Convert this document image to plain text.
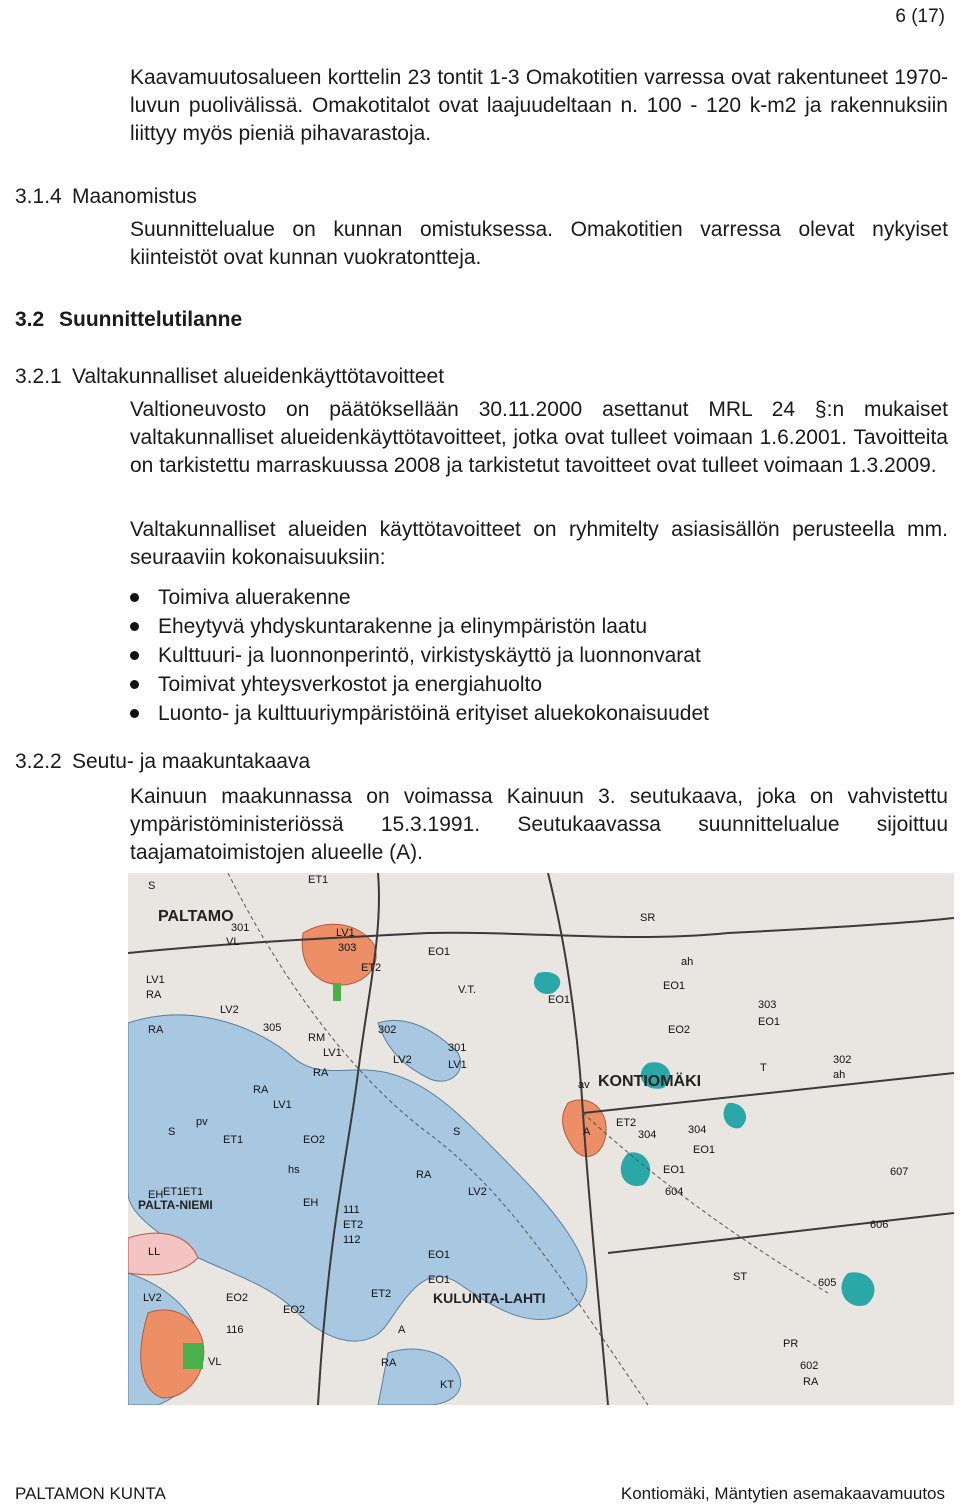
6 (17)

Kaavamuutosalueen korttelin 23 tontit 1-3 Omakotitien varressa ovat rakentuneet 1970-luvun puolivälissä. Omakotitalot ovat laajuudeltaan n. 100 - 120 k-m2 ja rakennuksiin liittyy myös pieniä pihavarastoja.

3.1.4 Maanomistus

Suunnittelualue on kunnan omistuksessa. Omakotitien varressa olevat nykyiset kiinteistöt ovat kunnan vuokratontteja.

3.2 Suunnittelutilanne
3.2.1 Valtakunnalliset alueidenkäyttötavoitteet

Valtioneuvosto on päätöksellään 30.11.2000 asettanut MRL 24 §:n mukaiset valtakunnalliset alueidenkäyttötavoitteet, jotka ovat tulleet voimaan 1.6.2001. Tavoitteita on tarkistettu marraskuussa 2008 ja tarkistetut tavoitteet ovat tulleet voimaan 1.3.2009.

Valtakunnalliset alueiden käyttötavoitteet on ryhmitelty asiasisällön perusteella mm. seuraaviin kokonaisuuksiin:

Toimiva aluerakenne
Eheytyvä yhdyskuntarakenne ja elinympäristön laatu
Kulttuuri- ja luonnonperintö, virkistyskäyttö ja luonnonvarat
Toimivat yhteysverkostot ja energiahuolto
Luonto- ja kulttuuriympäristöinä erityiset aluekokonaisuudet
3.2.2 Seutu- ja maakuntakaava

Kainuun maakunnassa on voimassa Kainuun 3. seutukaava, joka on vahvistettu ympäristöministeriössä 15.3.1991. Seutukaavassa suunnittelualue sijoittuu taajamatoimistojen alueelle (A).

PALTAMO
KONTIOMÄKI
PALTA-NIEMI
KULUNTA-LAHTI
S	ET1
SR
301
VL
LV1
303
ET2
EO1
ah
LV1
RA
LV2
305
V.T.
EO1
EO1
303
RA	302
EO1
EO2
RM
LV1	301
av
302
ah
RA
LV2	LV1
ET2
304
T
RA
LV1
S	A
S
pv
ET1	EO2
EO1
ET1
hs	RA
LV2
EO1	607
EH ET1
EH
604
LL	EO1
ET2	606
LV2	EO2	ET2
ST	605
EO2
A
PR
VL	RA
KT
602
RA
116
EO1
304
111
112
PALTAMON KUNTA	Kontiomäki, Mäntytien asemakaavamuutos
